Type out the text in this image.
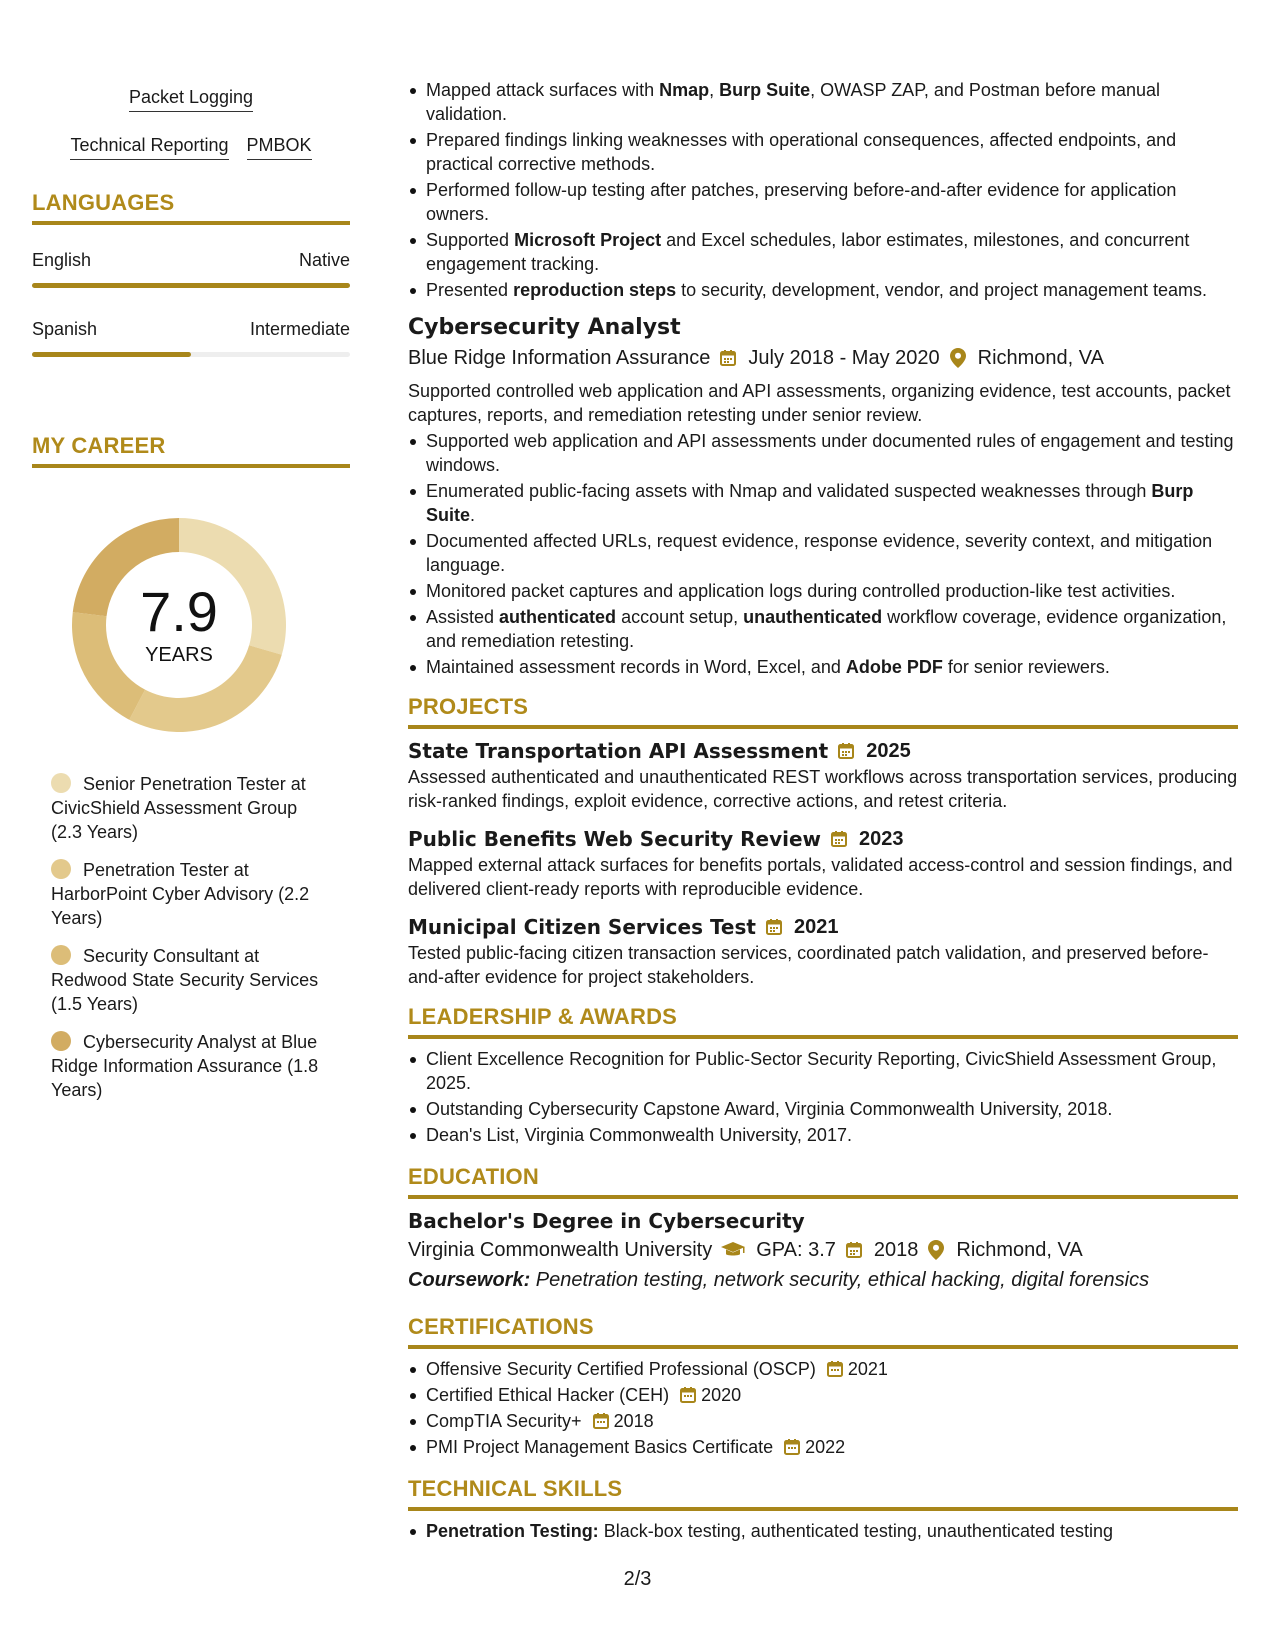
Packet Logging
Technical Reporting PMBOK
LANGUAGES
English	Native
Spanish	Intermediate
MY CAREER
7.9
YEARS
Senior Penetration Tester at CivicShield Assessment Group (2.3 Years)
Penetration Tester at HarborPoint Cyber Advisory (2.2 Years)
Security Consultant at Redwood State Security Services (1.5 Years)
Cybersecurity Analyst at Blue Ridge Information Assurance (1.8 Years)
Mapped attack surfaces with Nmap, Burp Suite, OWASP ZAP, and Postman before manual validation.
Prepared findings linking weaknesses with operational consequences, affected endpoints, and practical corrective methods.
Performed follow-up testing after patches, preserving before-and-after evidence for application owners.
Supported Microsoft Project and Excel schedules, labor estimates, milestones, and concurrent engagement tracking.
Presented reproduction steps to security, development, vendor, and project management teams.
Cybersecurity Analyst
Blue Ridge Information Assurance July 2018 - May 2020 Richmond, VA
Supported controlled web application and API assessments, organizing evidence, test accounts, packet captures, reports, and remediation retesting under senior review.
Supported web application and API assessments under documented rules of engagement and testing windows.
Enumerated public-facing assets with Nmap and validated suspected weaknesses through Burp Suite.
Documented affected URLs, request evidence, response evidence, severity context, and mitigation language.
Monitored packet captures and application logs during controlled production-like test activities.
Assisted authenticated account setup, unauthenticated workflow coverage, evidence organization, and remediation retesting.
Maintained assessment records in Word, Excel, and Adobe PDF for senior reviewers.
PROJECTS
State Transportation API Assessment 2025
Assessed authenticated and unauthenticated REST workflows across transportation services, producing risk-ranked findings, exploit evidence, corrective actions, and retest criteria.
Public Benefits Web Security Review 2023
Mapped external attack surfaces for benefits portals, validated access-control and session findings, and delivered client-ready reports with reproducible evidence.
Municipal Citizen Services Test 2021
Tested public-facing citizen transaction services, coordinated patch validation, and preserved before-and-after evidence for project stakeholders.
LEADERSHIP & AWARDS
Client Excellence Recognition for Public-Sector Security Reporting, CivicShield Assessment Group, 2025.
Outstanding Cybersecurity Capstone Award, Virginia Commonwealth University, 2018.
Dean's List, Virginia Commonwealth University, 2017.
EDUCATION
Bachelor's Degree in Cybersecurity
Virginia Commonwealth University GPA: 3.7 2018 Richmond, VA
Coursework: Penetration testing, network security, ethical hacking, digital forensics
CERTIFICATIONS
Offensive Security Certified Professional (OSCP) 2021
Certified Ethical Hacker (CEH) 2020
CompTIA Security+ 2018
PMI Project Management Basics Certificate 2022
TECHNICAL SKILLS
Penetration Testing: Black-box testing, authenticated testing, unauthenticated testing
2/3
